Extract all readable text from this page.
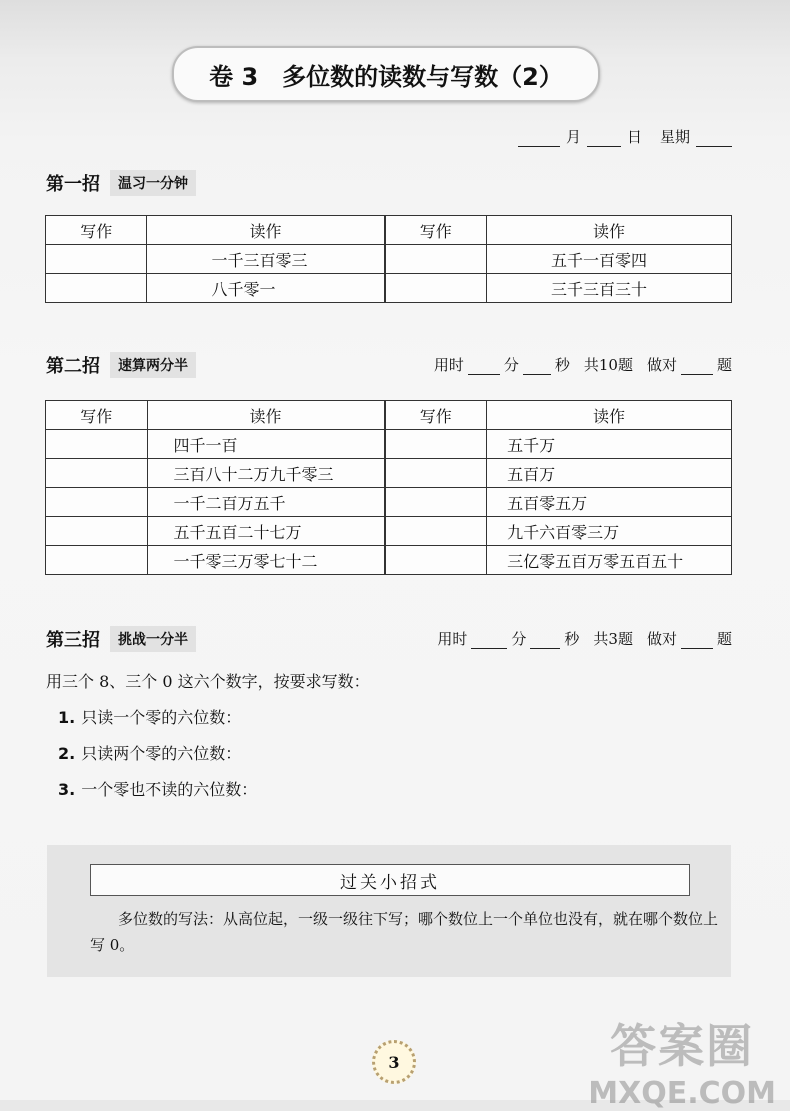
卷 3 多位数的读数与写数（2）
月	日 星期
第一招	温习一分钟
写作	读作	写作	读作
	一千三百零三		五千一百零四
	八千零一		三千三百三十
第二招	速算两分半	用时	分 秒 共10题 做对	题
写作	读作	写作	读作
	四千一百		五千万
	三百八十二万九千零三		五百万
	一千二百万五千		五百零五万
	五千五百二十七万		九千六百零三万
	一千零三万零七十二		三亿零五百万零五百五十
第三招	挑战一分半	用时	分	秒 共3题 做对	题
用三个 8、三个 0 这六个数字，按要求写数：
1. 只读一个零的六位数：
2. 只读两个零的六位数：
3. 一个零也不读的六位数：
过关小招式
多位数的写法：从高位起，一级一级往下写；哪个数位上一个单位也没有，就在哪个数位上写 0。
3	答案圈
MXQE.COM
